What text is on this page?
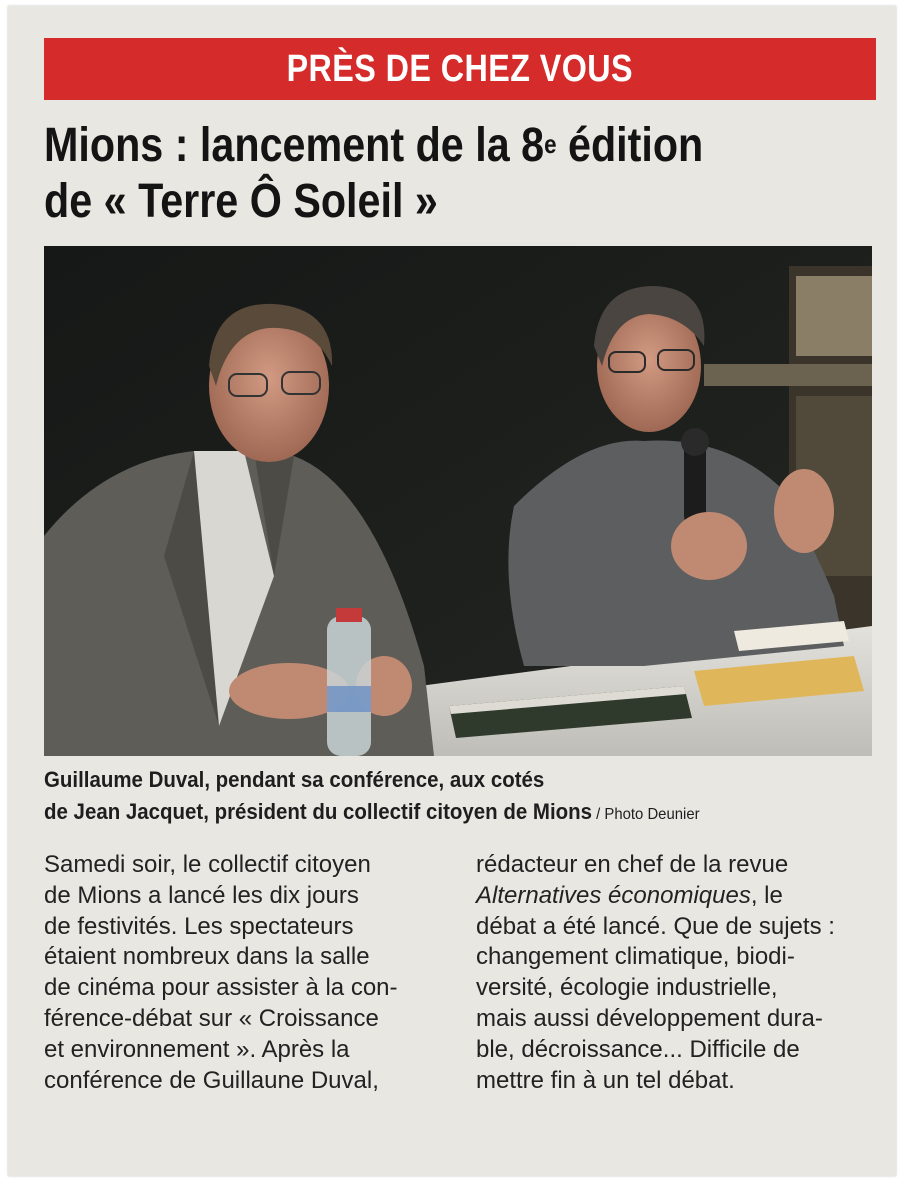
PRÈS DE CHEZ VOUS
Mions : lancement de la 8e édition
de « Terre Ô Soleil »
Guillaume Duval, pendant sa conférence, aux cotés
de Jean Jacquet, président du collectif citoyen de Mions / Photo Deunier
Samedi soir, le collectif citoyen
de Mions a lancé les dix jours
de festivités. Les spectateurs
étaient nombreux dans la salle
de cinéma pour assister à la con-
férence-débat sur « Croissance
et environnement ». Après la
conférence de Guillaune Duval,
rédacteur en chef de la revue
Alternatives économiques, le
débat a été lancé. Que de sujets :
changement climatique, biodi-
versité, écologie industrielle,
mais aussi développement dura-
ble, décroissance... Difficile de
mettre fin à un tel débat.
